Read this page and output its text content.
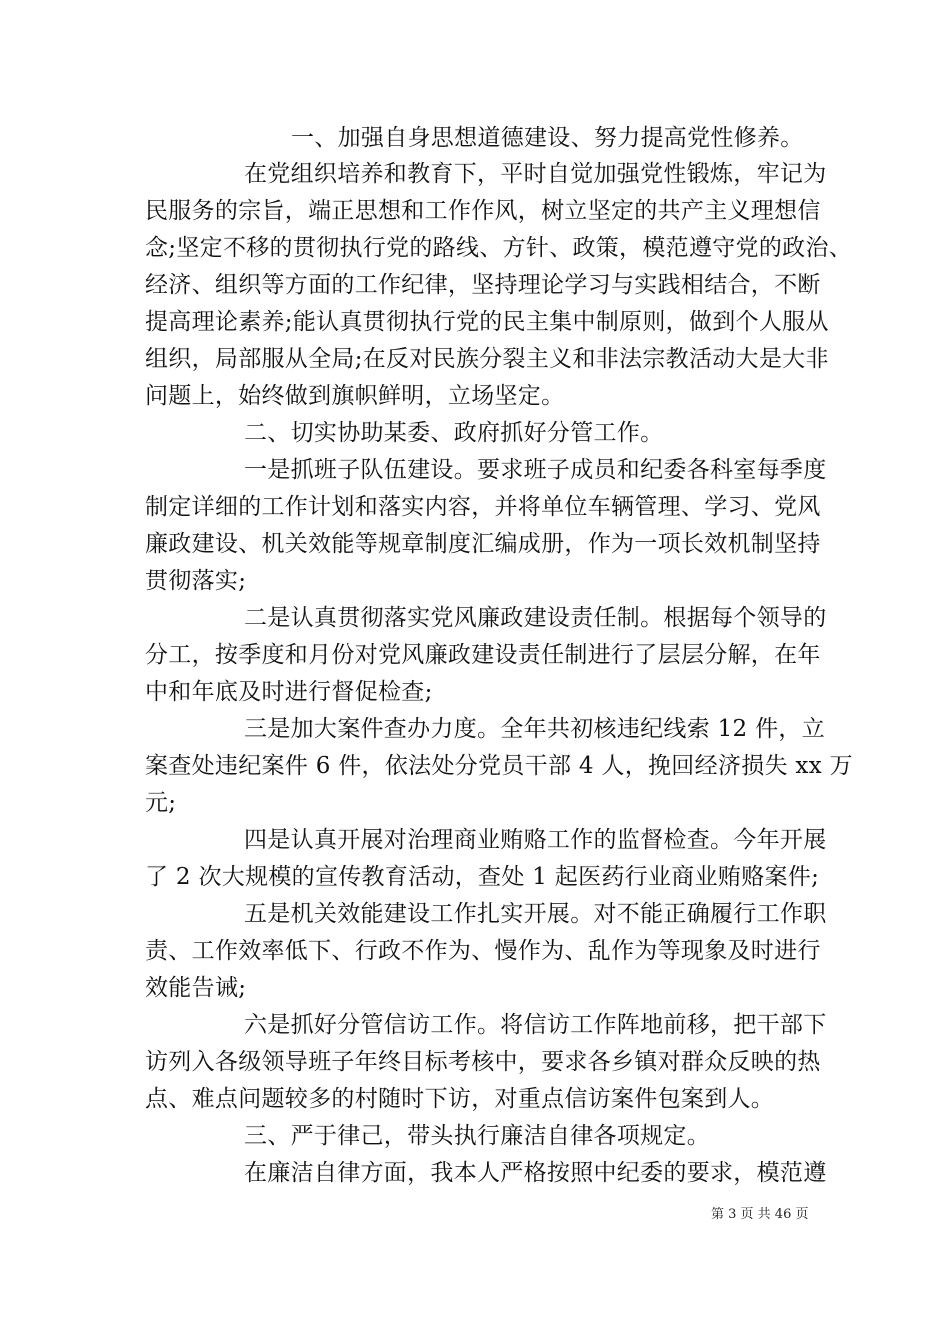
一、加强自身思想道德建设、努力提高党性修养。
在党组织培养和教育下，平时自觉加强党性锻炼，牢记为
民服务的宗旨，端正思想和工作作风，树立坚定的共产主义理想信
念;坚定不移的贯彻执行党的路线、方针、政策，模范遵守党的政治、
经济、组织等方面的工作纪律，坚持理论学习与实践相结合，不断
提高理论素养;能认真贯彻执行党的民主集中制原则，做到个人服从
组织，局部服从全局;在反对民族分裂主义和非法宗教活动大是大非
问题上，始终做到旗帜鲜明，立场坚定。
二、切实协助某委、政府抓好分管工作。
一是抓班子队伍建设。要求班子成员和纪委各科室每季度
制定详细的工作计划和落实内容，并将单位车辆管理、学习、党风
廉政建设、机关效能等规章制度汇编成册，作为一项长效机制坚持
贯彻落实;
二是认真贯彻落实党风廉政建设责任制。根据每个领导的
分工，按季度和月份对党风廉政建设责任制进行了层层分解，在年
中和年底及时进行督促检查;
三是加大案件查办力度。全年共初核违纪线索 12 件，立
案查处违纪案件 6 件，依法处分党员干部 4 人，挽回经济损失 xx 万
元;
四是认真开展对治理商业贿赂工作的监督检查。今年开展
了 2 次大规模的宣传教育活动，查处 1 起医药行业商业贿赂案件;
五是机关效能建设工作扎实开展。对不能正确履行工作职
责、工作效率低下、行政不作为、慢作为、乱作为等现象及时进行
效能告诫;
六是抓好分管信访工作。将信访工作阵地前移，把干部下
访列入各级领导班子年终目标考核中，要求各乡镇对群众反映的热
点、难点问题较多的村随时下访，对重点信访案件包案到人。
三、严于律己，带头执行廉洁自律各项规定。
在廉洁自律方面，我本人严格按照中纪委的要求，模范遵
第 3 页 共 46 页
